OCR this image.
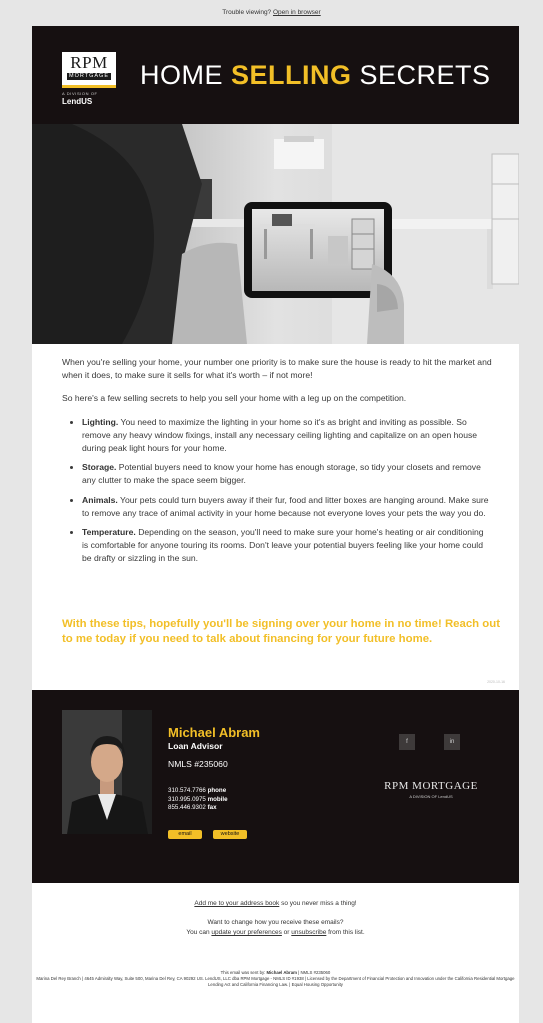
Trouble viewing? Open in browser
RPM
MORTGAGE
A DIVISION OF
LendUS
HOME SELLING SECRETS

When you're selling your home, your number one priority is to make sure the house is ready to hit the market and when it does, to make sure it sells for what it's worth – if not more!

So here's a few selling secrets to help you sell your home with a leg up on the competition.

• Lighting. You need to maximize the lighting in your home so it's as bright and inviting as possible. So remove any heavy window fixings, install any necessary ceiling lighting and capitalize on an open house during peak light hours for your home.
• Storage. Potential buyers need to know your home has enough storage, so tidy your closets and remove any clutter to make the space seem bigger.
• Animals. Your pets could turn buyers away if their fur, food and litter boxes are hanging around. Make sure to remove any trace of animal activity in your home because not everyone loves your pets the way you do.
• Temperature. Depending on the season, you'll need to make sure your home's heating or air conditioning is comfortable for anyone touring its rooms. Don't leave your potential buyers feeling like your home could be drafty or sizzling in the sun.
With these tips, hopefully you'll be signing over your home in no time! Reach out to me today if you need to talk about financing for your future home.
2020-10-16
Michael Abram
Loan Advisor
NMLS #235060
310.574.7766 phone
310.995.0975 mobile
855.446.9302 fax
email	website
f	in
RPM MORTGAGE
A DIVISION OF LendUS
Add me to your address book so you never miss a thing!
Want to change how you receive these emails?
You can update your preferences or unsubscribe from this list.
This email was sent by: Michael Abram | NMLS #235060
Marina Del Rey Branch | 4645 Admiralty Way, Suite 500, Marina Del Rey, CA 90292 US. LendUS, LLC dba RPM Mortgage - NMLS ID #1938 | Licensed by the Department of Financial Protection and Innovation under the California Residential Mortgage Lending Act and California Financing Law. | Equal Housing Opportunity
